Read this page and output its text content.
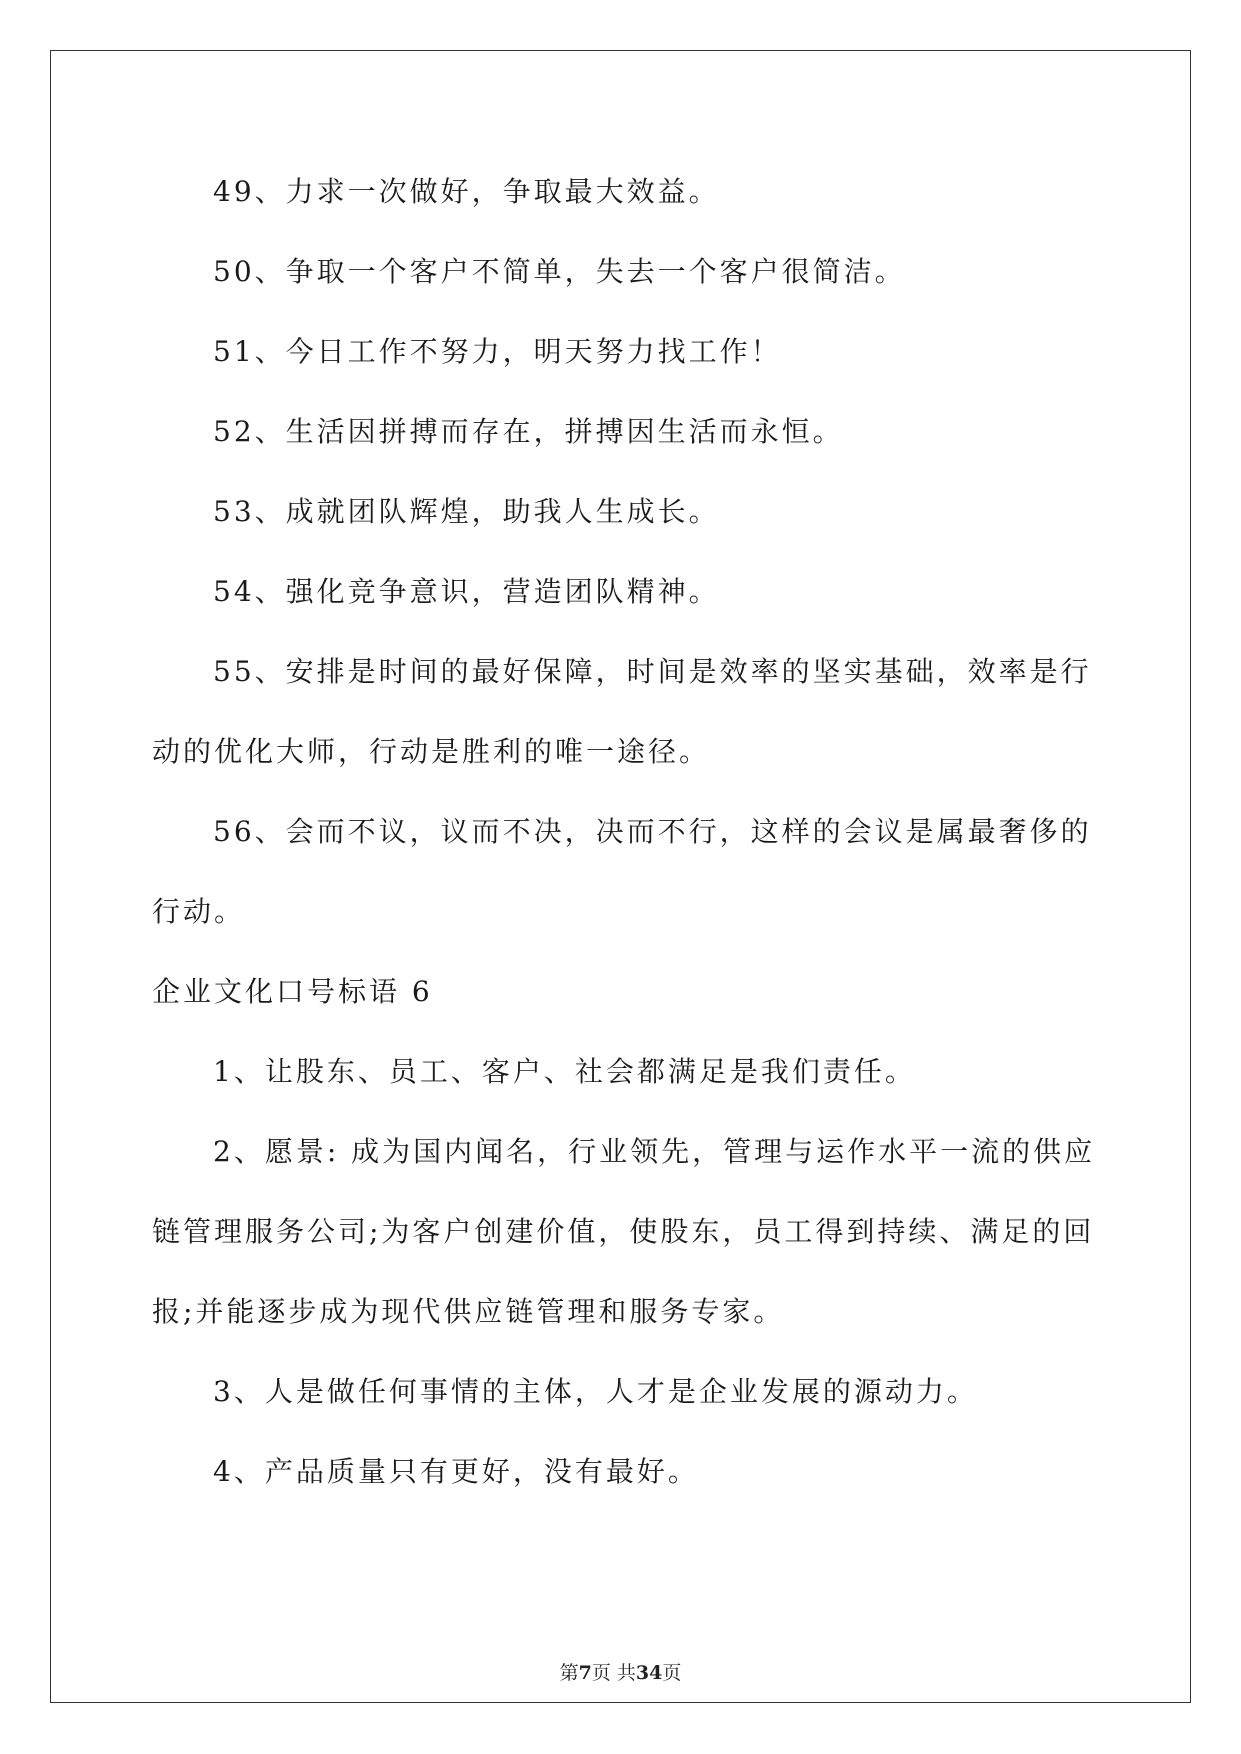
49、力求一次做好，争取最大效益。
50、争取一个客户不简单，失去一个客户很简洁。
51、今日工作不努力，明天努力找工作！
52、生活因拼搏而存在，拼搏因生活而永恒。
53、成就团队辉煌，助我人生成长。
54、强化竞争意识，营造团队精神。
55、安排是时间的最好保障，时间是效率的坚实基础，效率是行
动的优化大师，行动是胜利的唯一途径。
56、会而不议，议而不决，决而不行，这样的会议是属最奢侈的
行动。
企业文化口号标语 6
1、让股东、员工、客户、社会都满足是我们责任。
2、愿景: 成为国内闻名，行业领先，管理与运作水平一流的供应
链管理服务公司;为客户创建价值，使股东，员工得到持续、满足的回
报;并能逐步成为现代供应链管理和服务专家。
3、人是做任何事情的主体，人才是企业发展的源动力。
4、产品质量只有更好，没有最好。
第7页 共34页
